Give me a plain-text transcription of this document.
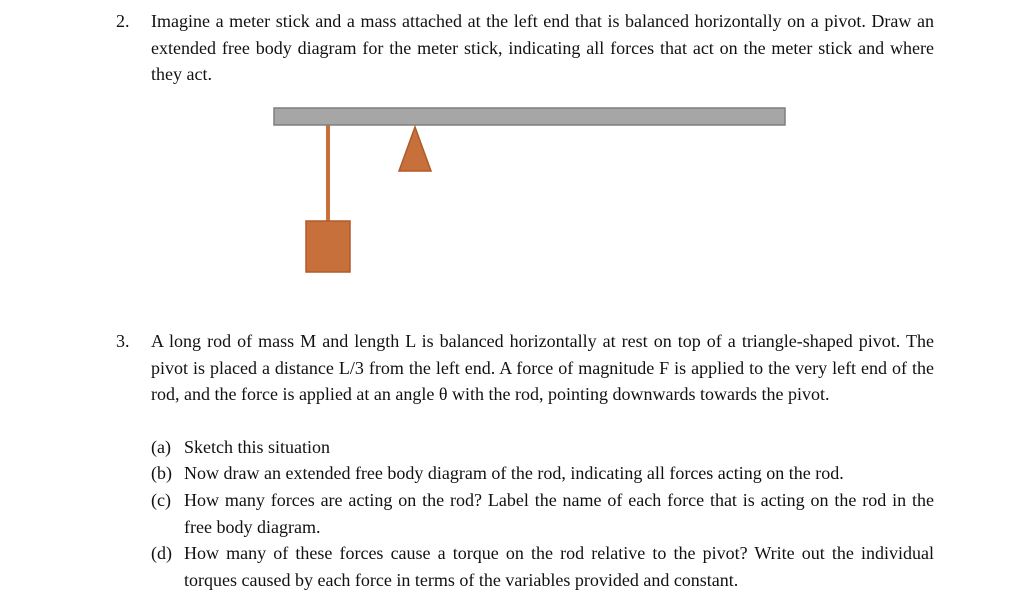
2.	Imagine a meter stick and a mass attached at the left end that is balanced horizontally on a pivot. Draw an extended free body diagram for the meter stick, indicating all forces that act on the meter stick and where they act.
3.	A long rod of mass M and length L is balanced horizontally at rest on top of a triangle-shaped pivot. The pivot is placed a distance L/3 from the left end. A force of magnitude F is applied to the very left end of the rod, and the force is applied at an angle θ with the rod, pointing downwards towards the pivot.
(a) Sketch this situation
(b) Now draw an extended free body diagram of the rod, indicating all forces acting on the rod.
(c) How many forces are acting on the rod? Label the name of each force that is acting on the rod in the free body diagram.
(d) How many of these forces cause a torque on the rod relative to the pivot? Write out the individual torques caused by each force in terms of the variables provided and constant.
